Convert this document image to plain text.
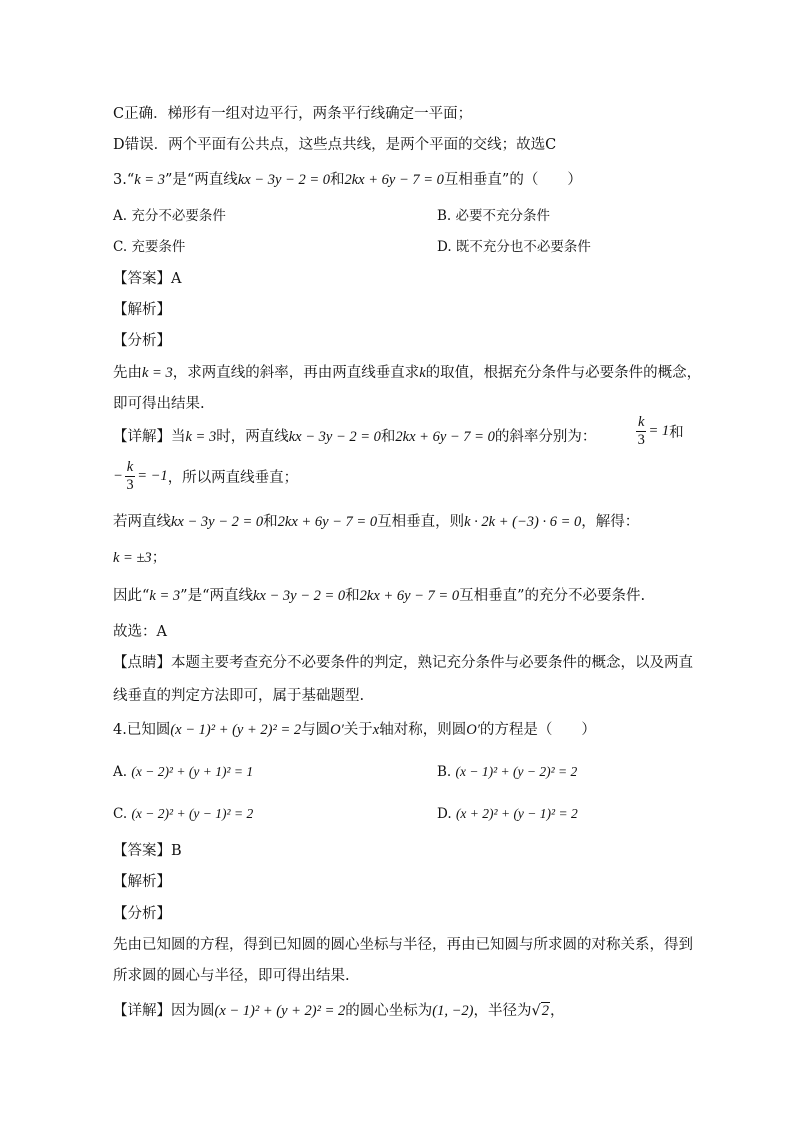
C正确．梯形有一组对边平行，两条平行线确定一平面；
D错误．两个平面有公共点，这些点共线，是两个平面的交线；故选C
3.“k = 3”是“两直线kx − 3y − 2 = 0和2kx + 6y − 7 = 0互相垂直”的（　　）
A. 充分不必要条件	B. 必要不充分条件
C. 充要条件	D. 既不充分也不必要条件
【答案】A
【解析】
【分析】
先由k = 3，求两直线的斜率，再由两直线垂直求k的取值，根据充分条件与必要条件的概念，
即可得出结果.
【详解】当k = 3时，两直线kx − 3y − 2 = 0和2kx + 6y − 7 = 0的斜率分别为：	$\frac{k}{3} = 1$和
− $\frac{k}{3} = -1$，所以两直线垂直；
若两直线kx − 3y − 2 = 0和2kx + 6y − 7 = 0互相垂直，则k · 2k + (−3) · 6 = 0，解得：
k = ±3；
因此“k = 3”是“两直线kx − 3y − 2 = 0和2kx + 6y − 7 = 0互相垂直”的充分不必要条件.
故选：A
【点睛】本题主要考查充分不必要条件的判定，熟记充分条件与必要条件的概念，以及两直
线垂直的判定方法即可，属于基础题型.
4.已知圆(x − 1)² + (y + 2)² = 2与圆O′关于x轴对称，则圆O′的方程是（　　）
A. (x − 2)² + (y + 1)² = 1	B. (x − 1)² + (y − 2)² = 2
C. (x − 2)² + (y − 1)² = 2	D. (x + 2)² + (y − 1)² = 2
【答案】B
【解析】
【分析】
先由已知圆的方程，得到已知圆的圆心坐标与半径，再由已知圆与所求圆的对称关系，得到
所求圆的圆心与半径，即可得出结果.
【详解】因为圆(x − 1)² + (y + 2)² = 2的圆心坐标为(1, −2)，半径为√2，
